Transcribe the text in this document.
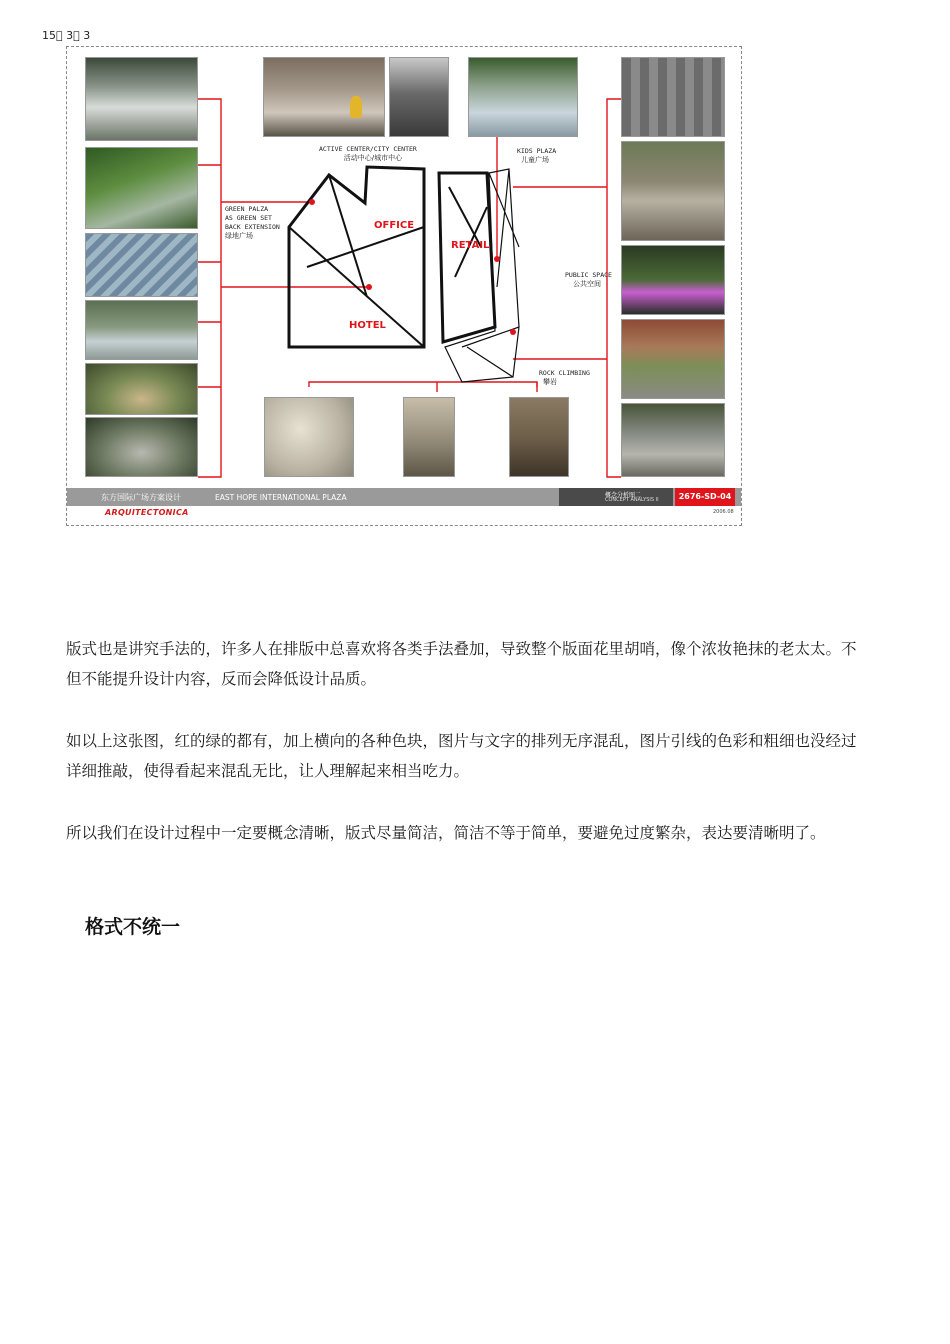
15  3  3
OFFICE
RETAIL
HOTEL
ACTIVE CENTER/CITY CENTER
活动中心/城市中心
KIDS PLAZA
儿童广场
GREEN PALZA
AS GREEN SET
BACK EXTENSION
绿地广场
PUBLIC SPACE
公共空间
ROCK CLIMBING
攀岩
东方国际广场方案设计	EAST HOPE INTERNATIONAL PLAZA	概念分析图二
CONCEPT ANALYSIS II	2676-SD-04
ARQUITECTONICA	2006.08
版式也是讲究手法的，许多人在排版中总喜欢将各类手法叠加，导致整个版面花里胡哨，像个浓妆艳抹的老太太。不但不能提升设计内容，反而会降低设计品质。
如以上这张图，红的绿的都有，加上横向的各种色块，图片与文字的排列无序混乱，图片引线的色彩和粗细也没经过详细推敲，使得看起来混乱无比，让人理解起来相当吃力。
所以我们在设计过程中一定要概念清晰，版式尽量简洁，简洁不等于简单，要避免过度繁杂，表达要清晰明了。
格式不统一
